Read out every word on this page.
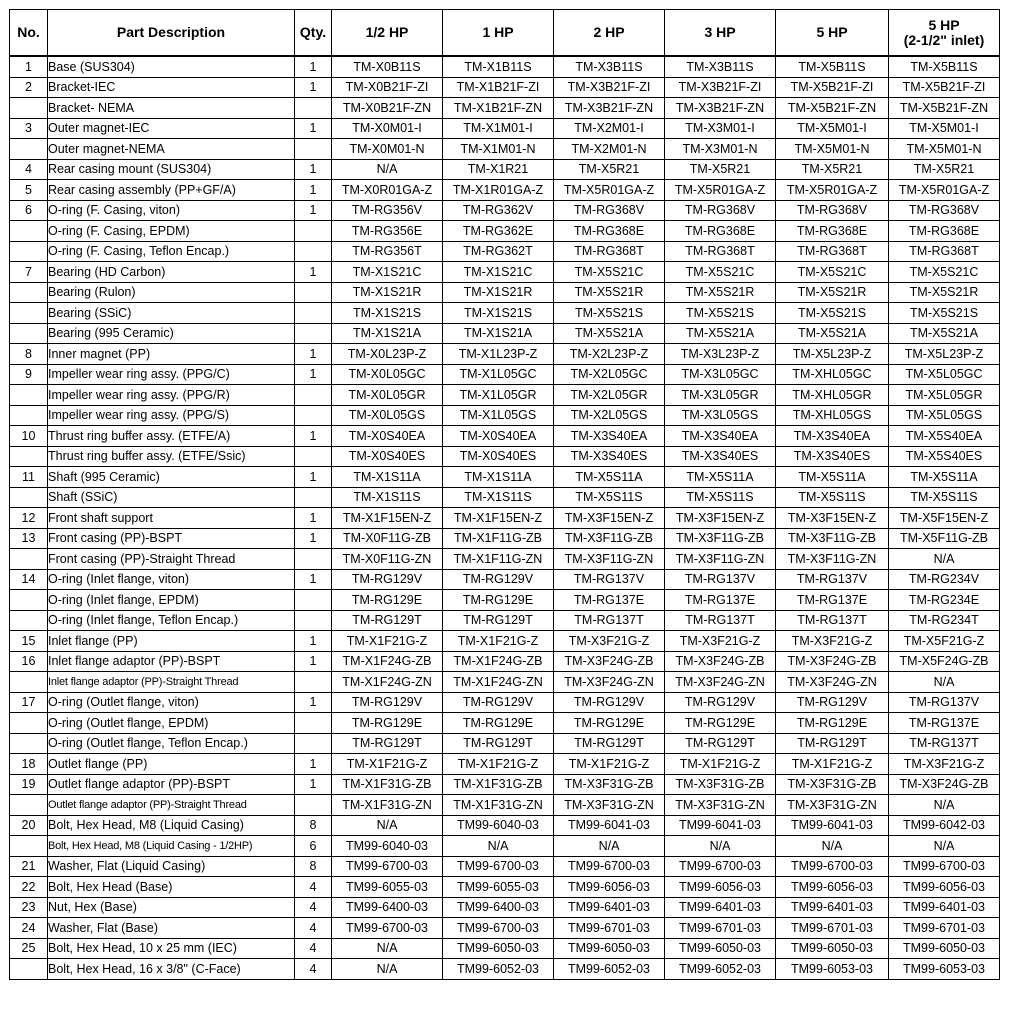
No.	Part Description	Qty.	1/2 HP	1 HP	2 HP	3 HP	5 HP	5 HP
(2-1/2" inlet)

1	Base (SUS304)	1	TM-X0B11S	TM-X1B11S	TM-X3B11S	TM-X3B11S	TM-X5B11S	TM-X5B11S
2	Bracket-IEC	1	TM-X0B21F-ZI	TM-X1B21F-ZI	TM-X3B21F-ZI	TM-X3B21F-ZI	TM-X5B21F-ZI	TM-X5B21F-ZI
	Bracket- NEMA		TM-X0B21F-ZN	TM-X1B21F-ZN	TM-X3B21F-ZN	TM-X3B21F-ZN	TM-X5B21F-ZN	TM-X5B21F-ZN
3	Outer magnet-IEC	1	TM-X0M01-I	TM-X1M01-I	TM-X2M01-I	TM-X3M01-I	TM-X5M01-I	TM-X5M01-I
	Outer magnet-NEMA		TM-X0M01-N	TM-X1M01-N	TM-X2M01-N	TM-X3M01-N	TM-X5M01-N	TM-X5M01-N
4	Rear casing mount (SUS304)	1	N/A	TM-X1R21	TM-X5R21	TM-X5R21	TM-X5R21	TM-X5R21
5	Rear casing assembly (PP+GF/A)	1	TM-X0R01GA-Z	TM-X1R01GA-Z	TM-X5R01GA-Z	TM-X5R01GA-Z	TM-X5R01GA-Z	TM-X5R01GA-Z
6	O-ring (F. Casing, viton)	1	TM-RG356V	TM-RG362V	TM-RG368V	TM-RG368V	TM-RG368V	TM-RG368V
	O-ring (F. Casing, EPDM)		TM-RG356E	TM-RG362E	TM-RG368E	TM-RG368E	TM-RG368E	TM-RG368E
	O-ring (F. Casing, Teflon Encap.)		TM-RG356T	TM-RG362T	TM-RG368T	TM-RG368T	TM-RG368T	TM-RG368T
7	Bearing (HD Carbon)	1	TM-X1S21C	TM-X1S21C	TM-X5S21C	TM-X5S21C	TM-X5S21C	TM-X5S21C
	Bearing (Rulon)		TM-X1S21R	TM-X1S21R	TM-X5S21R	TM-X5S21R	TM-X5S21R	TM-X5S21R
	Bearing (SSiC)		TM-X1S21S	TM-X1S21S	TM-X5S21S	TM-X5S21S	TM-X5S21S	TM-X5S21S
	Bearing (995 Ceramic)		TM-X1S21A	TM-X1S21A	TM-X5S21A	TM-X5S21A	TM-X5S21A	TM-X5S21A
8	Inner magnet (PP)	1	TM-X0L23P-Z	TM-X1L23P-Z	TM-X2L23P-Z	TM-X3L23P-Z	TM-X5L23P-Z	TM-X5L23P-Z
9	Impeller wear ring assy. (PPG/C)	1	TM-X0L05GC	TM-X1L05GC	TM-X2L05GC	TM-X3L05GC	TM-XHL05GC	TM-X5L05GC
	Impeller wear ring assy. (PPG/R)		TM-X0L05GR	TM-X1L05GR	TM-X2L05GR	TM-X3L05GR	TM-XHL05GR	TM-X5L05GR
	Impeller wear ring assy. (PPG/S)		TM-X0L05GS	TM-X1L05GS	TM-X2L05GS	TM-X3L05GS	TM-XHL05GS	TM-X5L05GS
10	Thrust ring buffer assy. (ETFE/A)	1	TM-X0S40EA	TM-X0S40EA	TM-X3S40EA	TM-X3S40EA	TM-X3S40EA	TM-X5S40EA
	Thrust ring buffer assy. (ETFE/Ssic)		TM-X0S40ES	TM-X0S40ES	TM-X3S40ES	TM-X3S40ES	TM-X3S40ES	TM-X5S40ES
11	Shaft (995 Ceramic)	1	TM-X1S11A	TM-X1S11A	TM-X5S11A	TM-X5S11A	TM-X5S11A	TM-X5S11A
	Shaft (SSiC)		TM-X1S11S	TM-X1S11S	TM-X5S11S	TM-X5S11S	TM-X5S11S	TM-X5S11S
12	Front shaft support	1	TM-X1F15EN-Z	TM-X1F15EN-Z	TM-X3F15EN-Z	TM-X3F15EN-Z	TM-X3F15EN-Z	TM-X5F15EN-Z
13	Front casing (PP)-BSPT	1	TM-X0F11G-ZB	TM-X1F11G-ZB	TM-X3F11G-ZB	TM-X3F11G-ZB	TM-X3F11G-ZB	TM-X5F11G-ZB
	Front casing (PP)-Straight Thread		TM-X0F11G-ZN	TM-X1F11G-ZN	TM-X3F11G-ZN	TM-X3F11G-ZN	TM-X3F11G-ZN	N/A
14	O-ring (Inlet flange, viton)	1	TM-RG129V	TM-RG129V	TM-RG137V	TM-RG137V	TM-RG137V	TM-RG234V
	O-ring (Inlet flange, EPDM)		TM-RG129E	TM-RG129E	TM-RG137E	TM-RG137E	TM-RG137E	TM-RG234E
	O-ring (Inlet flange, Teflon Encap.)		TM-RG129T	TM-RG129T	TM-RG137T	TM-RG137T	TM-RG137T	TM-RG234T
15	Inlet flange (PP)	1	TM-X1F21G-Z	TM-X1F21G-Z	TM-X3F21G-Z	TM-X3F21G-Z	TM-X3F21G-Z	TM-X5F21G-Z
16	Inlet flange adaptor (PP)-BSPT	1	TM-X1F24G-ZB	TM-X1F24G-ZB	TM-X3F24G-ZB	TM-X3F24G-ZB	TM-X3F24G-ZB	TM-X5F24G-ZB
	Inlet flange adaptor (PP)-Straight Thread		TM-X1F24G-ZN	TM-X1F24G-ZN	TM-X3F24G-ZN	TM-X3F24G-ZN	TM-X3F24G-ZN	N/A
17	O-ring (Outlet flange, viton)	1	TM-RG129V	TM-RG129V	TM-RG129V	TM-RG129V	TM-RG129V	TM-RG137V
	O-ring (Outlet flange, EPDM)		TM-RG129E	TM-RG129E	TM-RG129E	TM-RG129E	TM-RG129E	TM-RG137E
	O-ring (Outlet flange, Teflon Encap.)		TM-RG129T	TM-RG129T	TM-RG129T	TM-RG129T	TM-RG129T	TM-RG137T
18	Outlet flange (PP)	1	TM-X1F21G-Z	TM-X1F21G-Z	TM-X1F21G-Z	TM-X1F21G-Z	TM-X1F21G-Z	TM-X3F21G-Z
19	Outlet flange adaptor (PP)-BSPT	1	TM-X1F31G-ZB	TM-X1F31G-ZB	TM-X3F31G-ZB	TM-X3F31G-ZB	TM-X3F31G-ZB	TM-X3F24G-ZB
	Outlet flange adaptor (PP)-Straight Thread		TM-X1F31G-ZN	TM-X1F31G-ZN	TM-X3F31G-ZN	TM-X3F31G-ZN	TM-X3F31G-ZN	N/A
20	Bolt, Hex Head, M8 (Liquid Casing)	8	N/A	TM99-6040-03	TM99-6041-03	TM99-6041-03	TM99-6041-03	TM99-6042-03
	Bolt, Hex Head, M8 (Liquid Casing - 1/2HP)	6	TM99-6040-03	N/A	N/A	N/A	N/A	N/A
21	Washer, Flat (Liquid Casing)	8	TM99-6700-03	TM99-6700-03	TM99-6700-03	TM99-6700-03	TM99-6700-03	TM99-6700-03
22	Bolt, Hex Head (Base)	4	TM99-6055-03	TM99-6055-03	TM99-6056-03	TM99-6056-03	TM99-6056-03	TM99-6056-03
23	Nut, Hex (Base)	4	TM99-6400-03	TM99-6400-03	TM99-6401-03	TM99-6401-03	TM99-6401-03	TM99-6401-03
24	Washer, Flat (Base)	4	TM99-6700-03	TM99-6700-03	TM99-6701-03	TM99-6701-03	TM99-6701-03	TM99-6701-03
25	Bolt, Hex Head, 10 x 25 mm (IEC)	4	N/A	TM99-6050-03	TM99-6050-03	TM99-6050-03	TM99-6050-03	TM99-6050-03
	Bolt, Hex Head, 16 x 3/8" (C-Face)	4	N/A	TM99-6052-03	TM99-6052-03	TM99-6052-03	TM99-6053-03	TM99-6053-03
